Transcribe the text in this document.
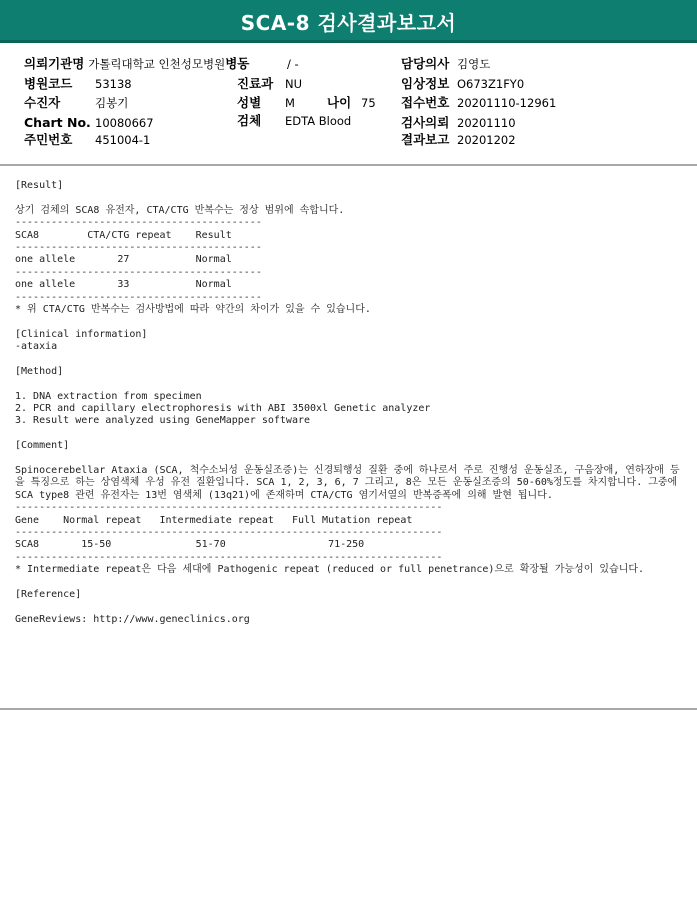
SCA-8 검사결과보고서
의뢰기관명 가톨릭대학교 인천성모병원병동	/ -	담당의사 김영도
병원코드 53138	진료과 NU	임상정보 O673Z1FY0
수진자	김봉기	성별 M	나이 75 접수번호 20201110-12961
Chart No. 10080667	검체 EDTA Blood	검사의뢰 20201110
주민번호 451004-1	결과보고 20201202
[Result]
상기 검체의 SCA8 유전자, CTA/CTG 반복수는 정상 범위에 속합니다.
-----------------------------------------
SCA8        CTA/CTG repeat    Result
-----------------------------------------
one allele       27           Normal
-----------------------------------------
one allele       33           Normal
-----------------------------------------
* 위 CTA/CTG 반복수는 검사방법에 따라 약간의 차이가 있을 수 있습니다.
[Clinical information]
-ataxia
[Method]
1. DNA extraction from specimen
2. PCR and capillary electrophoresis with ABI 3500xl Genetic analyzer
3. Result were analyzed using GeneMapper software
[Comment]
Spinocerebellar Ataxia (SCA, 척수소뇌성 운동실조증)는 신경퇴행성 질환 중에 하나로서 주로 진행성 운동실조, 구음장애, 연하장애 등을 특징으로 하는 상염색체 우성 유전 질환입니다. SCA 1, 2, 3, 6, 7 그리고, 8은 모든 운동실조증의 50-60%정도를 차지합니다. 그중에 SCA type8 관련 유전자는 13번 염색체 (13q21)에 존재하며 CTA/CTG 염기서열의 반복증폭에 의해 발현 됩니다.
-----------------------------------------------------------------------
Gene    Normal repeat   Intermediate repeat   Full Mutation repeat
-----------------------------------------------------------------------
SCA8       15-50              51-70                 71-250
-----------------------------------------------------------------------
* Intermediate repeat은 다음 세대에 Pathogenic repeat (reduced or full penetrance)으로 확장될 가능성이 있습니다.
[Reference]
GeneReviews: http://www.geneclinics.org
